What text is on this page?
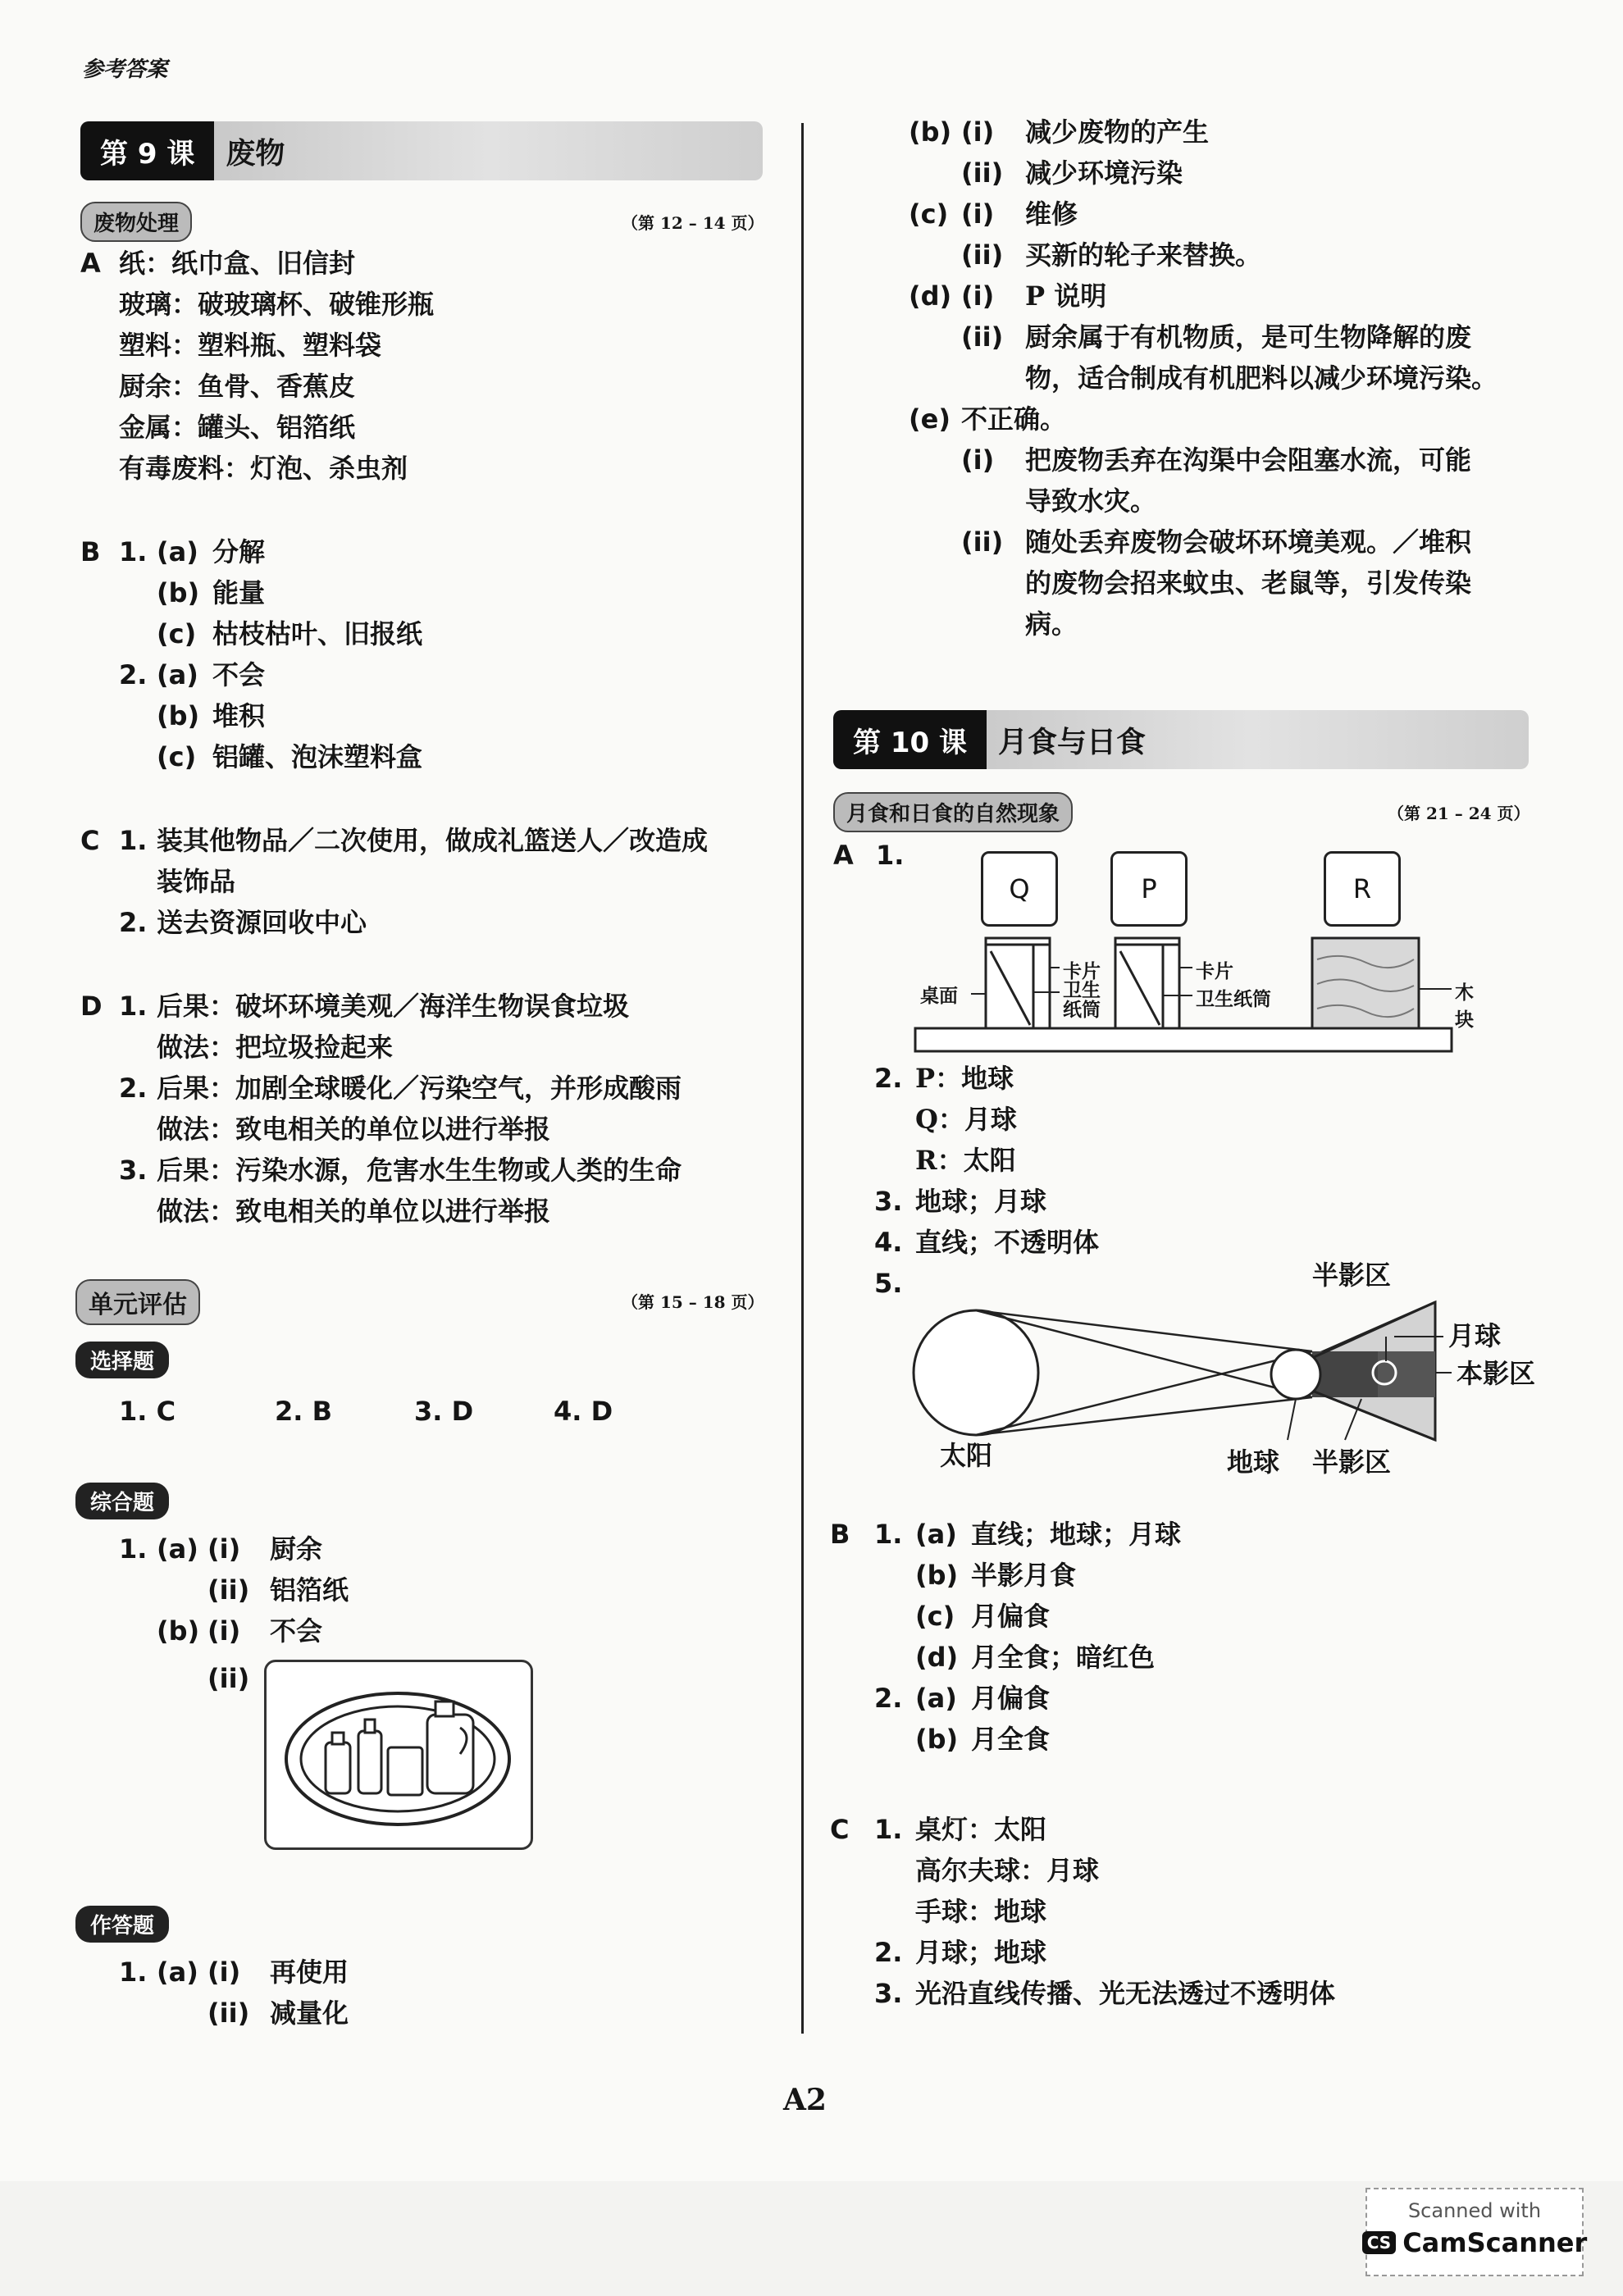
参考答案
第 9 课	废物
废物处理	（第 12 – 14 页）
A 纸：纸巾盒、旧信封
玻璃：破玻璃杯、破锥形瓶
塑料：塑料瓶、塑料袋
厨余：鱼骨、香蕉皮
金属：罐头、铝箔纸
有毒废料：灯泡、杀虫剂
B 1. (a) 分解
(b) 能量
(c) 枯枝枯叶、旧报纸
2. (a) 不会
(b) 堆积
(c) 铝罐、泡沫塑料盒
C 1. 装其他物品／二次使用，做成礼篮送人／改造成
装饰品
2. 送去资源回收中心
D 1. 后果：破坏环境美观／海洋生物误食垃圾
做法：把垃圾捡起来
2. 后果：加剧全球暖化／污染空气，并形成酸雨
做法：致电相关的单位以进行举报
3. 后果：污染水源，危害水生生物或人类的生命
做法：致电相关的单位以进行举报
单元评估	（第 15 – 18 页）
选择题
1. C	2. B	3. D	4. D
综合题
1. (a) (i) 厨余
(ii) 铝箔纸
(b) (i) 不会
(ii)
作答题
1. (a) (i) 再使用
(ii) 减量化
(b) (i) 减少废物的产生
(ii) 减少环境污染
(c) (i) 维修
(ii) 买新的轮子来替换。
(d) (i) P 说明
(ii) 厨余属于有机物质，是可生物降解的废
物，适合制成有机肥料以减少环境污染。
(e) 不正确。
(i) 把废物丢弃在沟渠中会阻塞水流，可能
导致水灾。
(ii) 随处丢弃废物会破坏环境美观。／堆积
的废物会招来蚊虫、老鼠等，引发传染
病。
第 10 课	月食与日食
月食和日食的自然现象	（第 21 – 24 页）
A 1.
Q	P	R
桌面
卡片
卫生纸筒
卡片
卫生纸筒	木块
2. P：地球
Q：月球
R：太阳
3. 地球；月球
4. 直线；不透明体
5.	半影区
月球
本影区
太阳	地球 半影区
B 1. (a) 直线；地球；月球
(b) 半影月食
(c) 月偏食
(d) 月全食；暗红色
2. (a) 月偏食
(b) 月全食
C 1. 桌灯：太阳
高尔夫球：月球
手球：地球
2. 月球；地球
3. 光沿直线传播、光无法透过不透明体
A2
Scanned with
CS CamScanner
